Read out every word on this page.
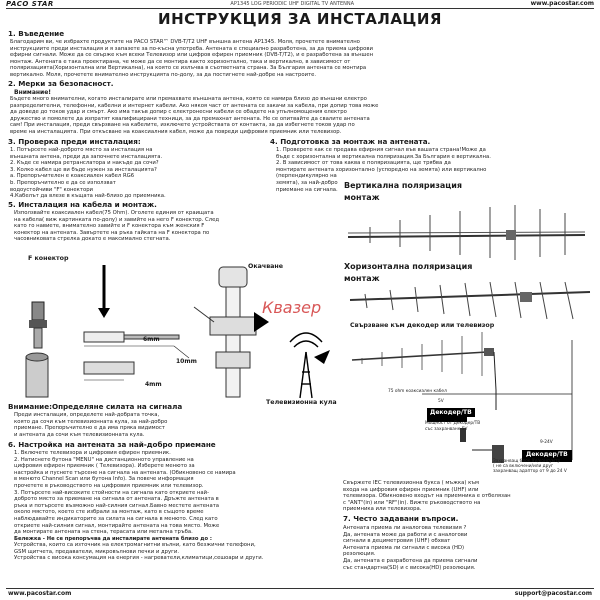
PACO STAR	AP1345 LOG PERIODIC UHF DIGITAL TV ANTENNA	www.pacostar.com
ИНСТРУКЦИЯ ЗА ИНСТАЛАЦИЯ
1. Въведение
Благодарим ви, че избрахте продуктите на PACO STAR™ DVB-T/T2 UHF външна антена AP1345. Моля, прочетете внимателно
инструкциите преди инсталация и я запазете за по-късна употреба. Антената е специално разработена, за да приема цифрови
ефирни сигнали. Може да се свърже към всеки Телевизор или цифров ефирен приемник (DVB-T/T2), и е разработена за външен
монтаж. Антената е така проектирана, че може да се монтира както хоризонтално, така и вертикално, в зависимост от
поляризацията(Хоризонтална или Вертикална), на която се излъчва в съответната страна. За България антената се монтира
вертикално. Моля, прочетете внимателно инструкцията по-долу, за да постигнете най-добре на настроите.
2. Мерки за безопасност.
Внимание!
Бъдете много внимателни, когато инсталирате или премахвате външната антена, която се намира близо до външни електро
разпределителни, телефонни, кабелни и интернет кабели. Ако някоя част от антената се закачи за кабела, при допир това може
да доведе до токов удар и смърт. Ако има такъв допир с електронесни кабели се обадете на упълномощения електро
дружество и помолете да изпратят квалифицирани техници, за да премахнат антената. Не се опитвайте да свалите антената
сам! При инсталация, преди свързване на кабелите, изключете устройствата от контакта, за да избегнете токов удар по
време на инсталацията. При откъсване на коаксиалния кабел, може да повреди цифровия приемник или телевизор.
3. Проверка преди инсталация:
1. Потърсете най-доброто място за инсталация на
външната антена, преди да започнете инсталацията.
2. Къде се намира ретранслатора и накъде да сочи?
3. Колко кабел ще ви бъде нужен за инсталацията?
a. Препоръчителен е коаксиален кабел RG6
b. Препоръчително е да се използват
водоустойчиви "F" конектори
4.Кабелът да влезе в къщата най-близо до приемника.
4. Подготовка за монтаж на антената.
1. Проверете как се предава ефирния сигнал във вашата страна!Може да
бъде с хоризонтална и вертикална поляризация.За България е вертикална.
2. В зависимост от това каква е поляризацията, ще трябва да
монтирате антената хоризонтално (успоредно на земята) или вертикално
(перпендикулярно на
земята), за най-добро
приемане на сигнала.
5. Инсталация на кабела и монтаж.
Използвайте коаксиален кабел(75 Ohm). Оголете единия от краищата
на кабела( виж картинката по-долу) и завийте на него F конектор. След
като го навиете, внимателно завийте и F конектора към женския F
конектор на антената. Завъртете на ръка гайката на F конектора по
часовниковата стрелка докато е максимално стегната.
Вертикална поляризация
монтаж
Хоризонтална поляризация
монтаж
F конектор
Окачване
Квазер
6mm
10mm
4mm
Телевизионна кула
Свързване към декодер или телевизор
75 ohm коаксиален кабел
5V
Декодер/TB
Мощност от Декодер/TB
със захранване 5V
9-24V
Декодер/TB
Захранващ блок 9V/консумтр
( не са включени/или друг
захранващ адаптор от 9 до 24 V
Внимание:Определяне силата на сигнала
Преди инсталация, определете най-добрата точка,
която да сочи към телевизионната кула, за най-добро
приемане. Препоръчително е да има пряка видимост
и антената да сочи към телевизионната кула.
6. Настройка на антената за най-добро приемане
1. Включете телевизора и цифровия ефирен приемник.
2. Натиснете бутона "MENU" на дистанционното управление на
цифровия ефирен приемник ( Телевизора). Изберете менюто за
настройка и пуснете търсене на сигнала на антената. (Обикновено се намира
в менюто Channel Scan или бутона Info). За повече информация
прочетете в ръководството на цифровия приемник или телевизор.
3. Потърсете най-високите стойности на сигнала като откриете най-
доброто място за приемане на сигнала от антената. Дръжте антената в
ръка и потърсете възможно най-силния сигнал.Бавно местете антената
около мястото, което сте избрали за монтаж, като в същото време
наблюдавайте индикаторите за силата на сигнала в менюто. След като
откриете най-силния сигнал, монтирайте антената на това място. Може
да монтирате антената на стена, терасата или метална тръба.
Бележка - Не се препоръчва да инсталирате антената близо до :
Устройства, които са източник на електромагнитни вълни, като безжични телефони,
GSM щитчета, предаватели, микровълнови печки и други.
Устройства с висока консумация на енергия - нагреватели,климатици,сешоари и други.
Свържете IEC телевизионна букса ( мъжка) към
входа на цифровия ефирен приемник (UHF) или
телевизора. Обикновено входът на приемника е отбелязан
с "ANT"(in) или "RF"(in). Вижте ръководството на
приемника или телевизора.
7. Често задавани въпроси.
Антената приема ли аналогова телевизия ?
Да, антената може да работи и с аналогови
сигнали в дециметровия (UHF) обхват
Антената приема ли сигнали с висока (HD)
резолюция.
Да, антената е разработена да приема сигнали
със стандартна(SD) и с висока(HD) резолюция.
www.pacostar.com	support@pacostar.com
